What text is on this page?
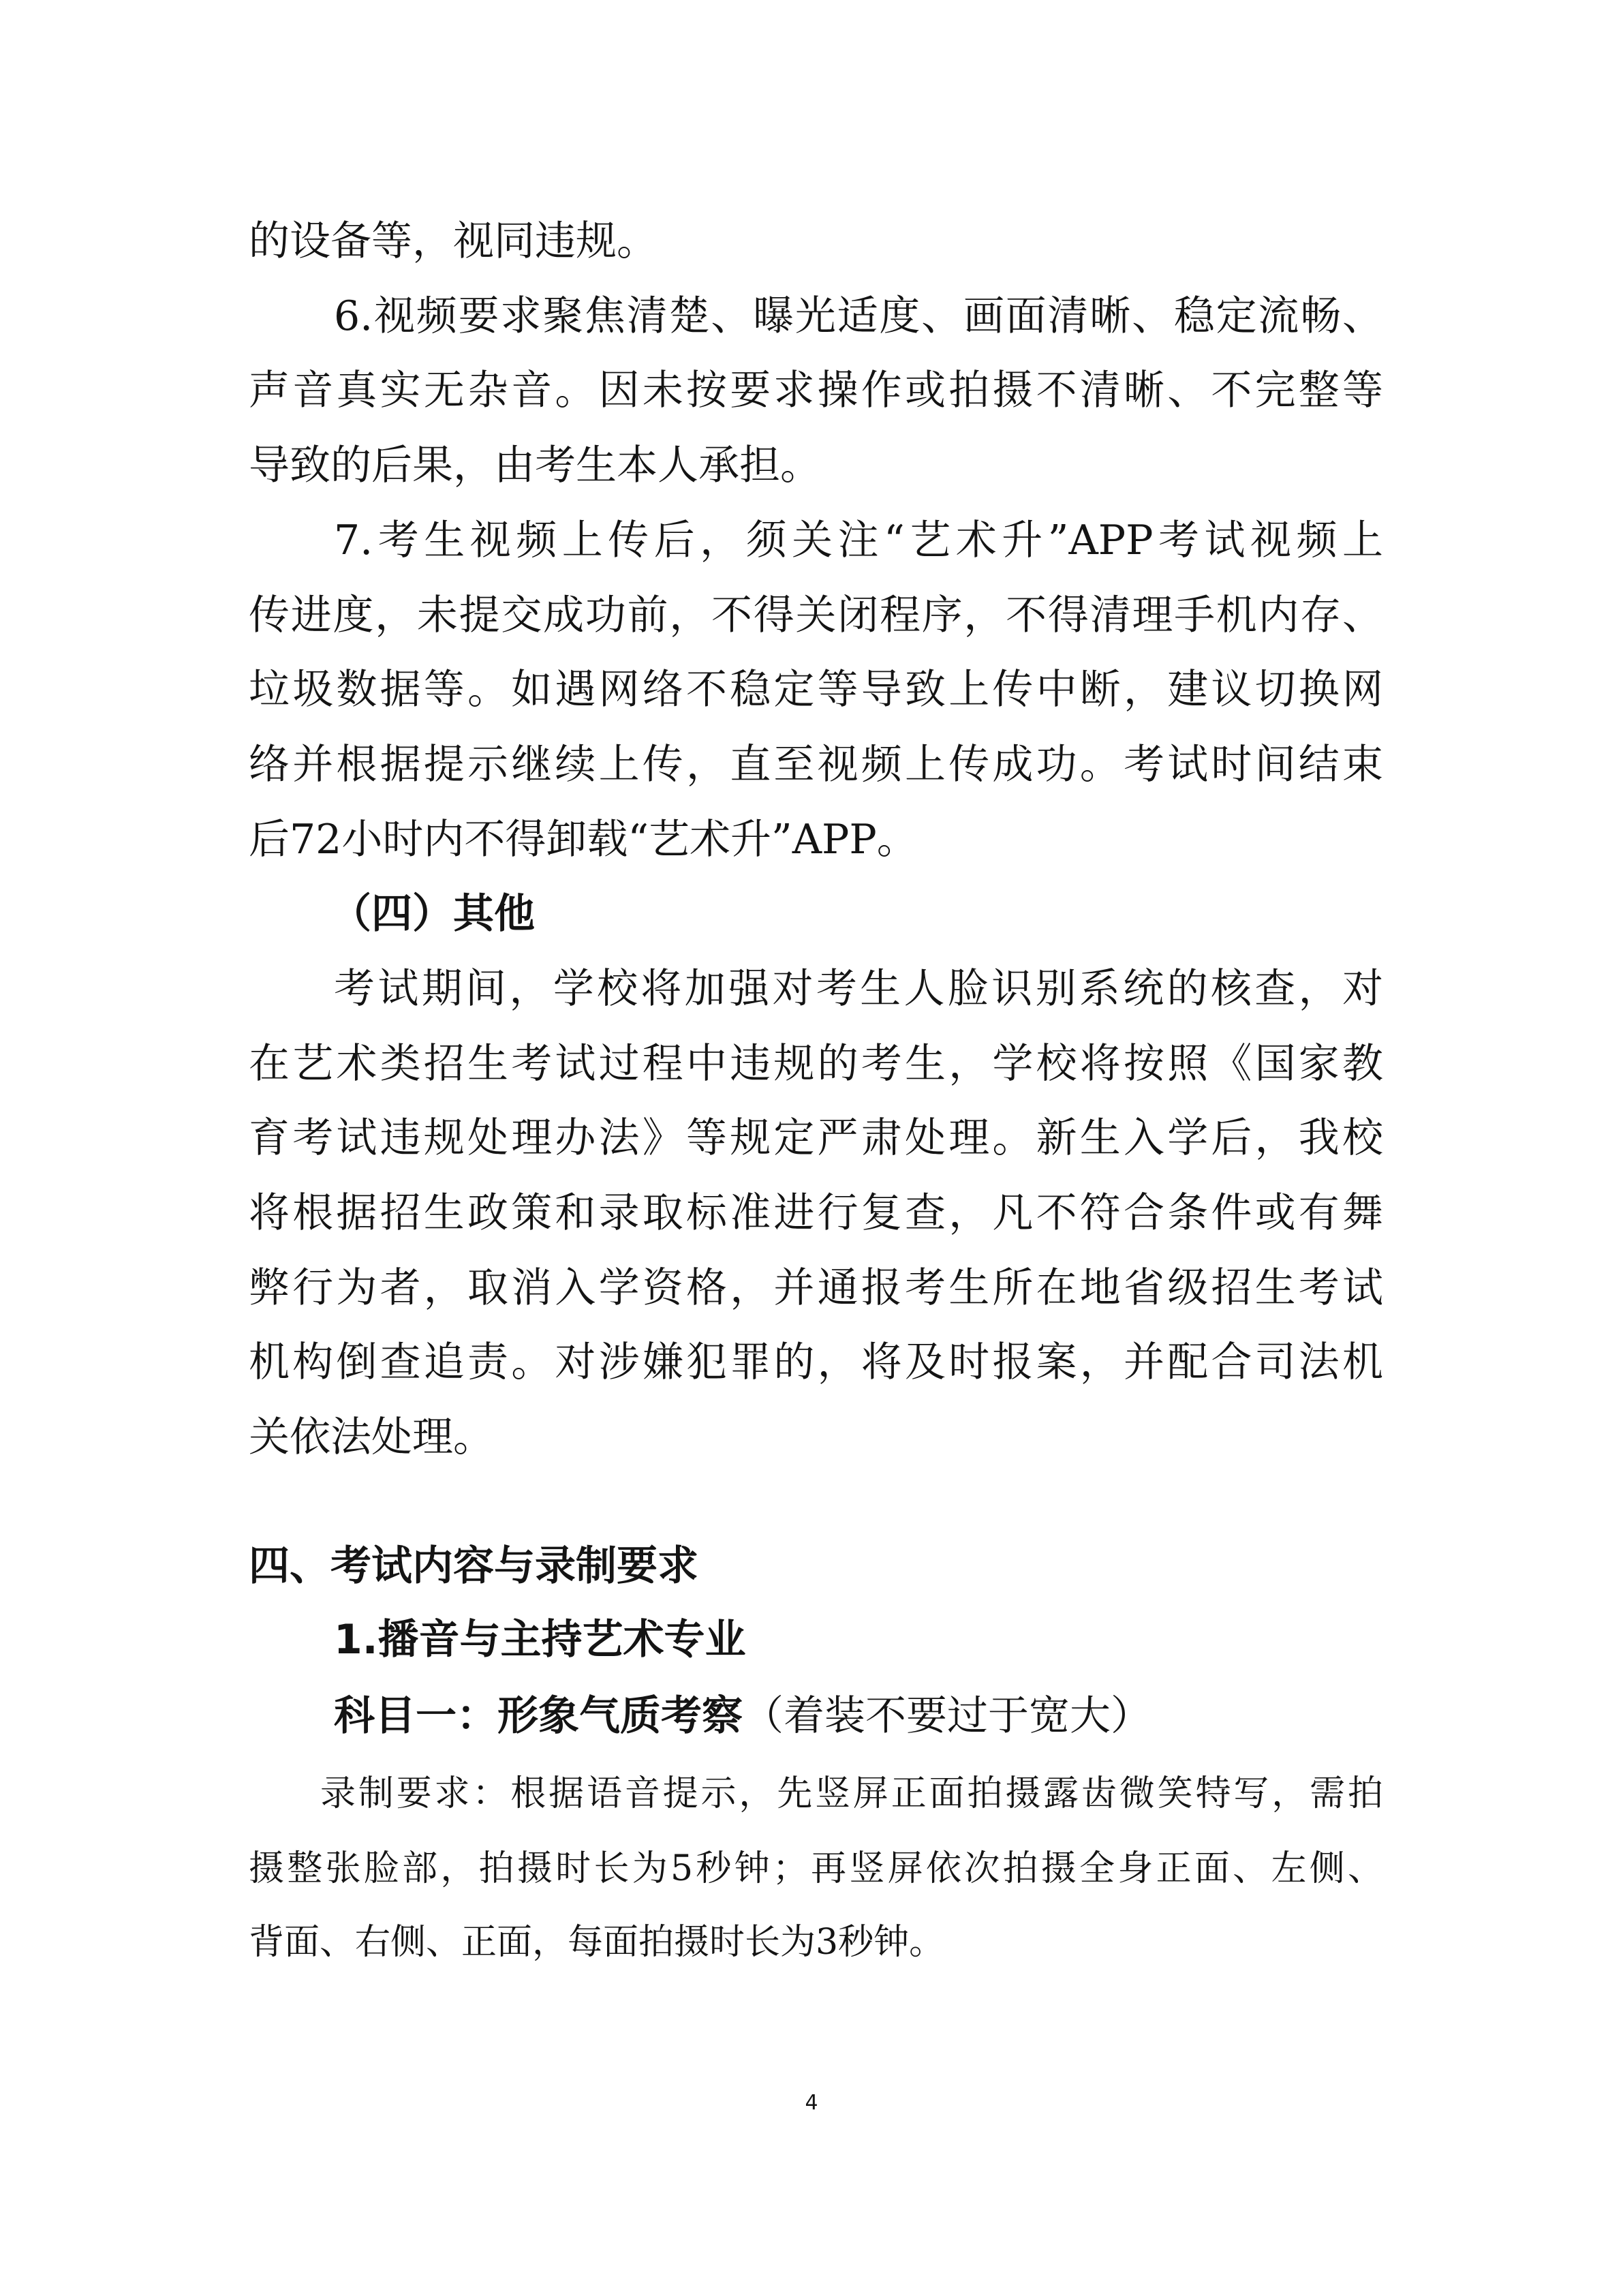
的设备等，视同违规。
6.视频要求聚焦清楚、曝光适度、画面清晰、稳定流畅、
声音真实无杂音。因未按要求操作或拍摄不清晰、不完整等
导致的后果，由考生本人承担。
7.考生视频上传后，须关注“艺术升”APP考试视频上
传进度，未提交成功前，不得关闭程序，不得清理手机内存、
垃圾数据等。如遇网络不稳定等导致上传中断，建议切换网
络并根据提示继续上传，直至视频上传成功。考试时间结束
后72小时内不得卸载“艺术升”APP。
（四）其他
考试期间，学校将加强对考生人脸识别系统的核查，对
在艺术类招生考试过程中违规的考生，学校将按照《国家教
育考试违规处理办法》等规定严肃处理。新生入学后，我校
将根据招生政策和录取标准进行复查，凡不符合条件或有舞
弊行为者，取消入学资格，并通报考生所在地省级招生考试
机构倒查追责。对涉嫌犯罪的，将及时报案，并配合司法机
关依法处理。
四、考试内容与录制要求
1.播音与主持艺术专业
科目一：形象气质考察（着装不要过于宽大）
录制要求：根据语音提示，先竖屏正面拍摄露齿微笑特写，需拍
摄整张脸部，拍摄时长为5秒钟；再竖屏依次拍摄全身正面、左侧、
背面、右侧、正面，每面拍摄时长为3秒钟。
4
